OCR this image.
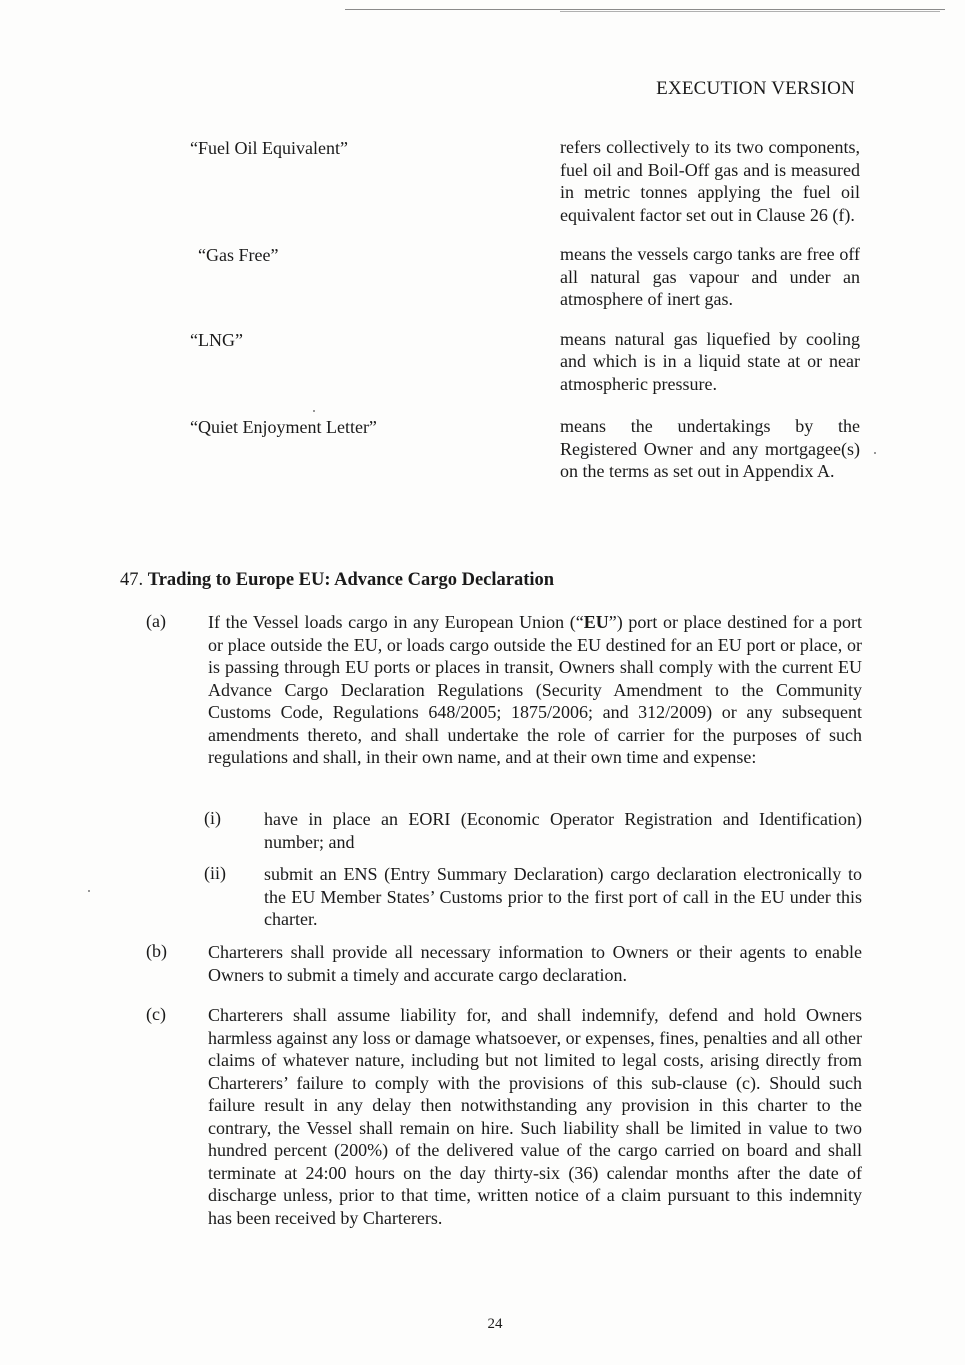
EXECUTION VERSION
“Fuel Oil Equivalent”	refers collectively to its two components, fuel oil and Boil-Off gas and is measured in metric tonnes applying the fuel oil equivalent factor set out in Clause 26 (f).
“Gas Free”	means the vessels cargo tanks are free off all natural gas vapour and under an atmosphere of inert gas.
“LNG”	means natural gas liquefied by cooling and which is in a liquid state at or near atmospheric pressure.
“Quiet Enjoyment Letter”	means the undertakings by the Registered Owner and any mortgagee(s) on the terms as set out in Appendix A.
47. Trading to Europe EU: Advance Cargo Declaration
(a)	If the Vessel loads cargo in any European Union (“EU”) port or place destined for a port or place outside the EU, or loads cargo outside the EU destined for an EU port or place, or is passing through EU ports or places in transit, Owners shall comply with the current EU Advance Cargo Declaration Regulations (Security Amendment to the Community Customs Code, Regulations 648/2005; 1875/2006; and 312/2009) or any subsequent amendments thereto, and shall undertake the role of carrier for the purposes of such regulations and shall, in their own name, and at their own time and expense:
(i)	have in place an EORI (Economic Operator Registration and Identification) number; and
(ii)	submit an ENS (Entry Summary Declaration) cargo declaration electronically to the EU Member States’ Customs prior to the first port of call in the EU under this charter.
(b)	Charterers shall provide all necessary information to Owners or their agents to enable Owners to submit a timely and accurate cargo declaration.
(c)	Charterers shall assume liability for, and shall indemnify, defend and hold Owners harmless against any loss or damage whatsoever, or expenses, fines, penalties and all other claims of whatever nature, including but not limited to legal costs, arising directly from Charterers’ failure to comply with the provisions of this sub-clause (c). Should such failure result in any delay then notwithstanding any provision in this charter to the contrary, the Vessel shall remain on hire. Such liability shall be limited in value to two hundred percent (200%) of the delivered value of the cargo carried on board and shall terminate at 24:00 hours on the day thirty-six (36) calendar months after the date of discharge unless, prior to that time, written notice of a claim pursuant to this indemnity has been received by Charterers.
24
